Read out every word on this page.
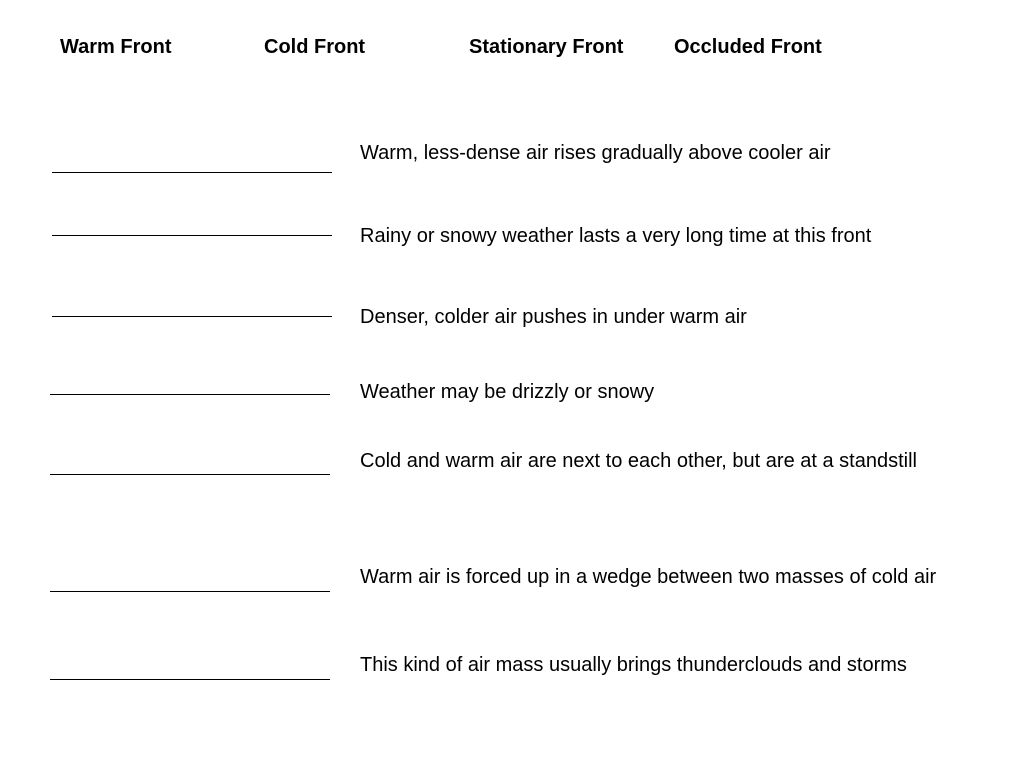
Warm Front	Cold Front	Stationary Front	Occluded Front
Warm, less-dense air rises gradually above cooler air
Rainy or snowy weather lasts a very long time at this front
Denser, colder air pushes in under warm air
Weather may be drizzly or snowy
Cold and warm air are next to each other, but are at a standstill
Warm air is forced up in a wedge between two masses of cold air
This kind of air mass usually brings thunderclouds and storms
